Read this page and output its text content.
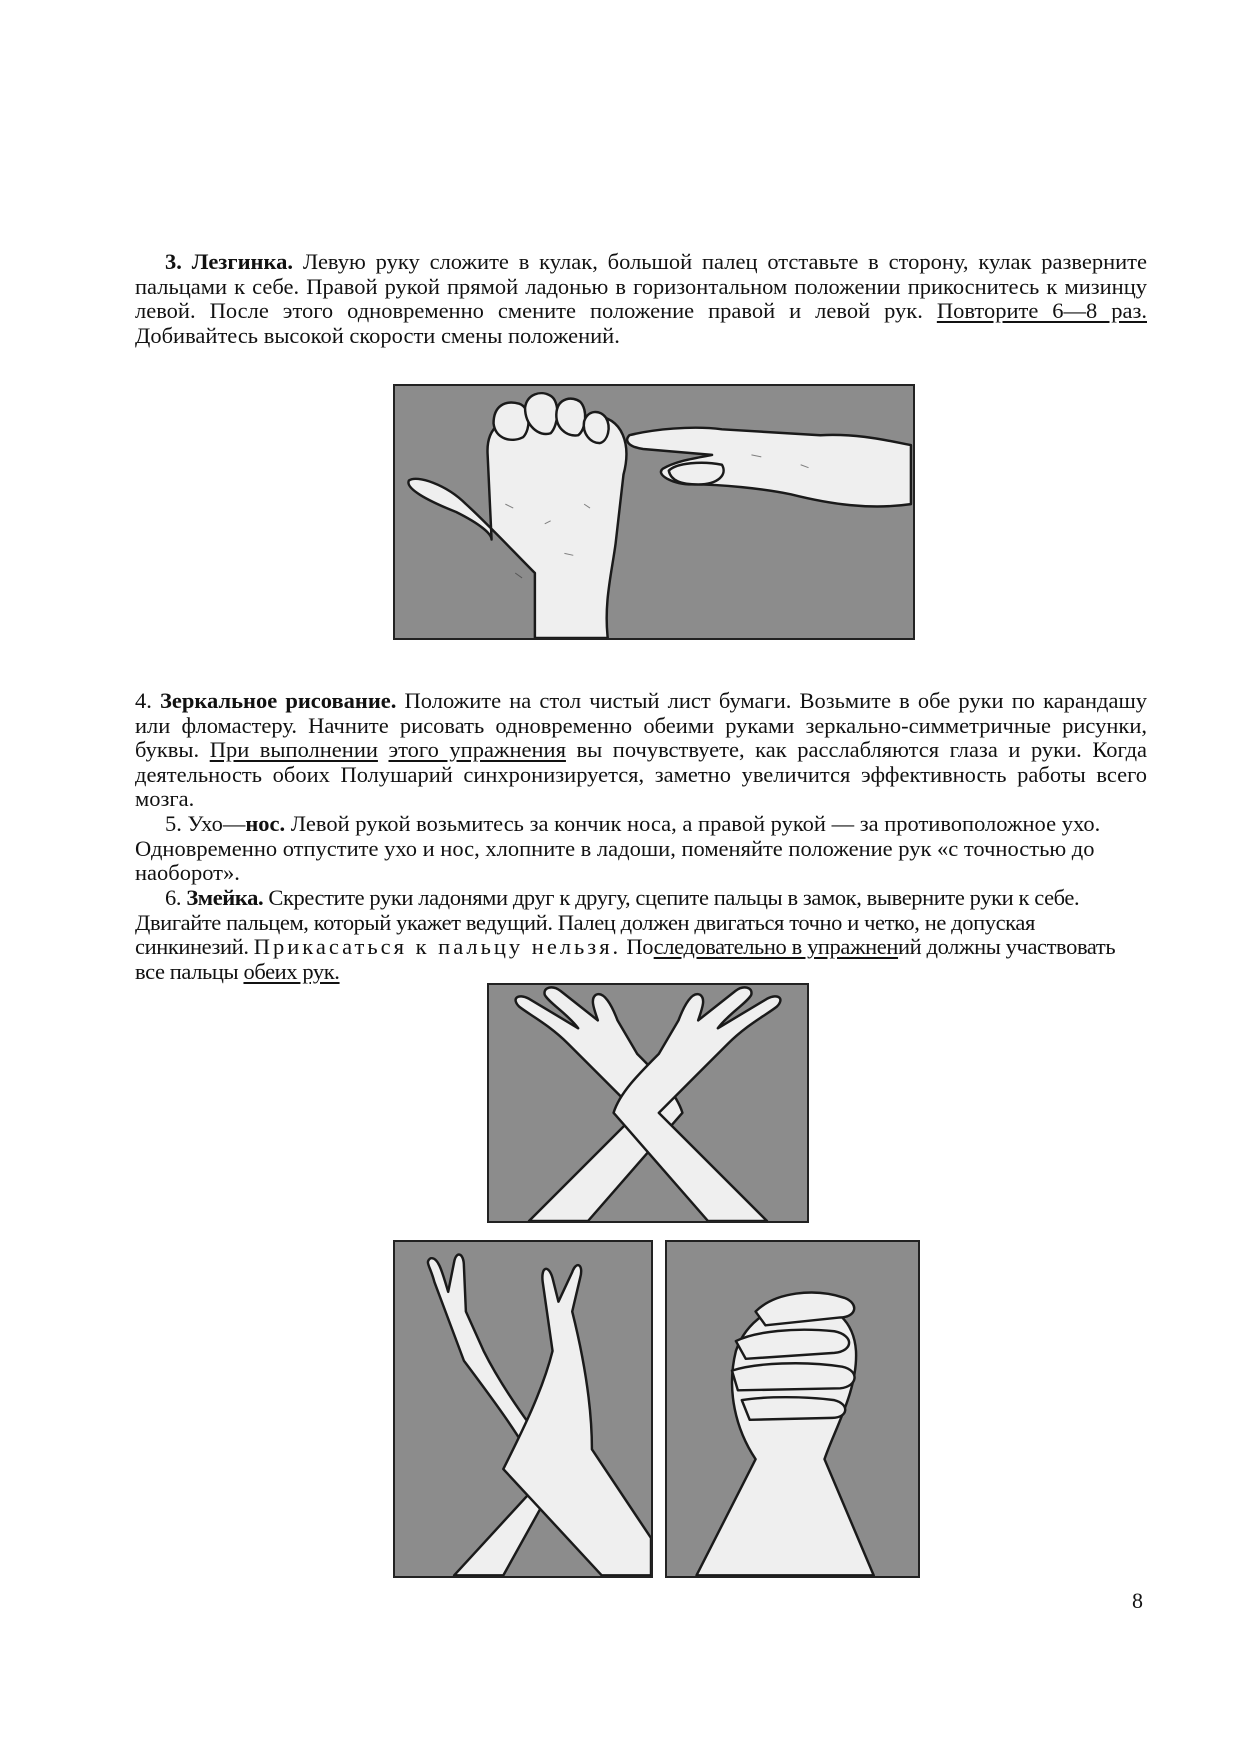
3. Лезгинка. Левую руку сложите в кулак, большой палец отставьте в сторону, кулак разверните пальцами к себе. Правой рукой прямой ладонью в горизонтальном положении прикоснитесь к мизинцу левой. После этого одновременно смените положение правой и левой рук. Повторите 6—8 раз. Добивайтесь высокой скорости смены положений.

4. Зеркальное рисование. Положите на стол чистый лист бумаги. Возьмите в обе руки по карандашу или фломастеру. Начните рисовать одновременно обеими руками зеркально-симметричные рисунки, буквы. При выполнении этого упражнения вы почувствуете, как расслабляются глаза и руки. Когда деятельность обоих Полушарий синхронизируется, заметно увеличится эффективность работы всего мозга.

5. Ухо—нос. Левой рукой возьмитесь за кончик носа, а правой рукой — за противоположное ухо. Одновременно отпустите ухо и нос, хлопните в ладоши, поменяйте положение рук «с точностью до наоборот».

6. Змейка. Скрестите руки ладонями друг к другу, сцепите пальцы в замок, выверните руки к себе. Двигайте пальцем, который укажет ведущий. Палец должен двигаться точно и четко, не допуская синкинезий. Прикасаться к пальцу нельзя. Последовательно в упражнений должны участвовать все пальцы обеих рук.

8
